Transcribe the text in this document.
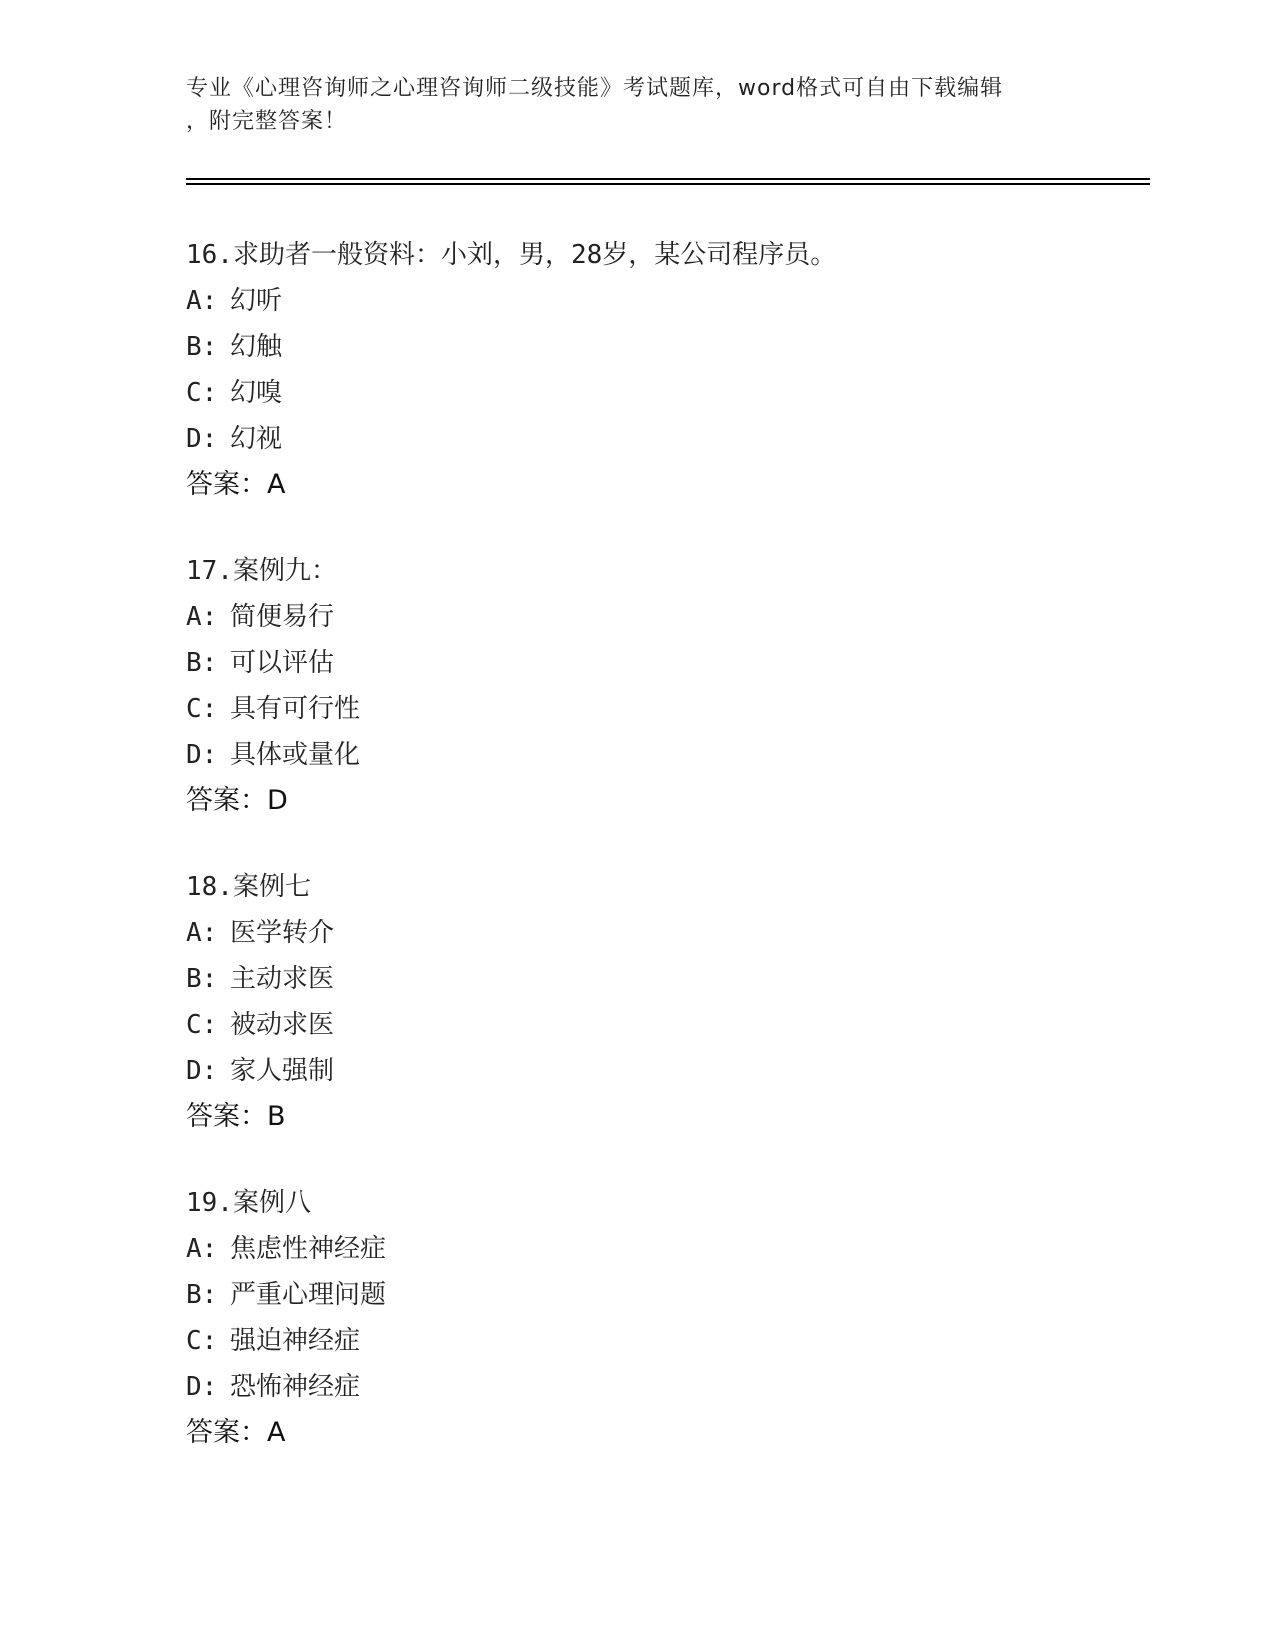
专业《心理咨询师之心理咨询师二级技能》考试题库，word格式可自由下载编辑
，附完整答案！
16.求助者一般资料：小刘，男，28岁，某公司程序员。
A: 幻听
B: 幻触
C: 幻嗅
D: 幻视
答案：A
17.案例九：
A: 简便易行
B: 可以评估
C: 具有可行性
D: 具体或量化
答案：D
18.案例七
A: 医学转介
B: 主动求医
C: 被动求医
D: 家人强制
答案：B
19.案例八
A: 焦虑性神经症
B: 严重心理问题
C: 强迫神经症
D: 恐怖神经症
答案：A
